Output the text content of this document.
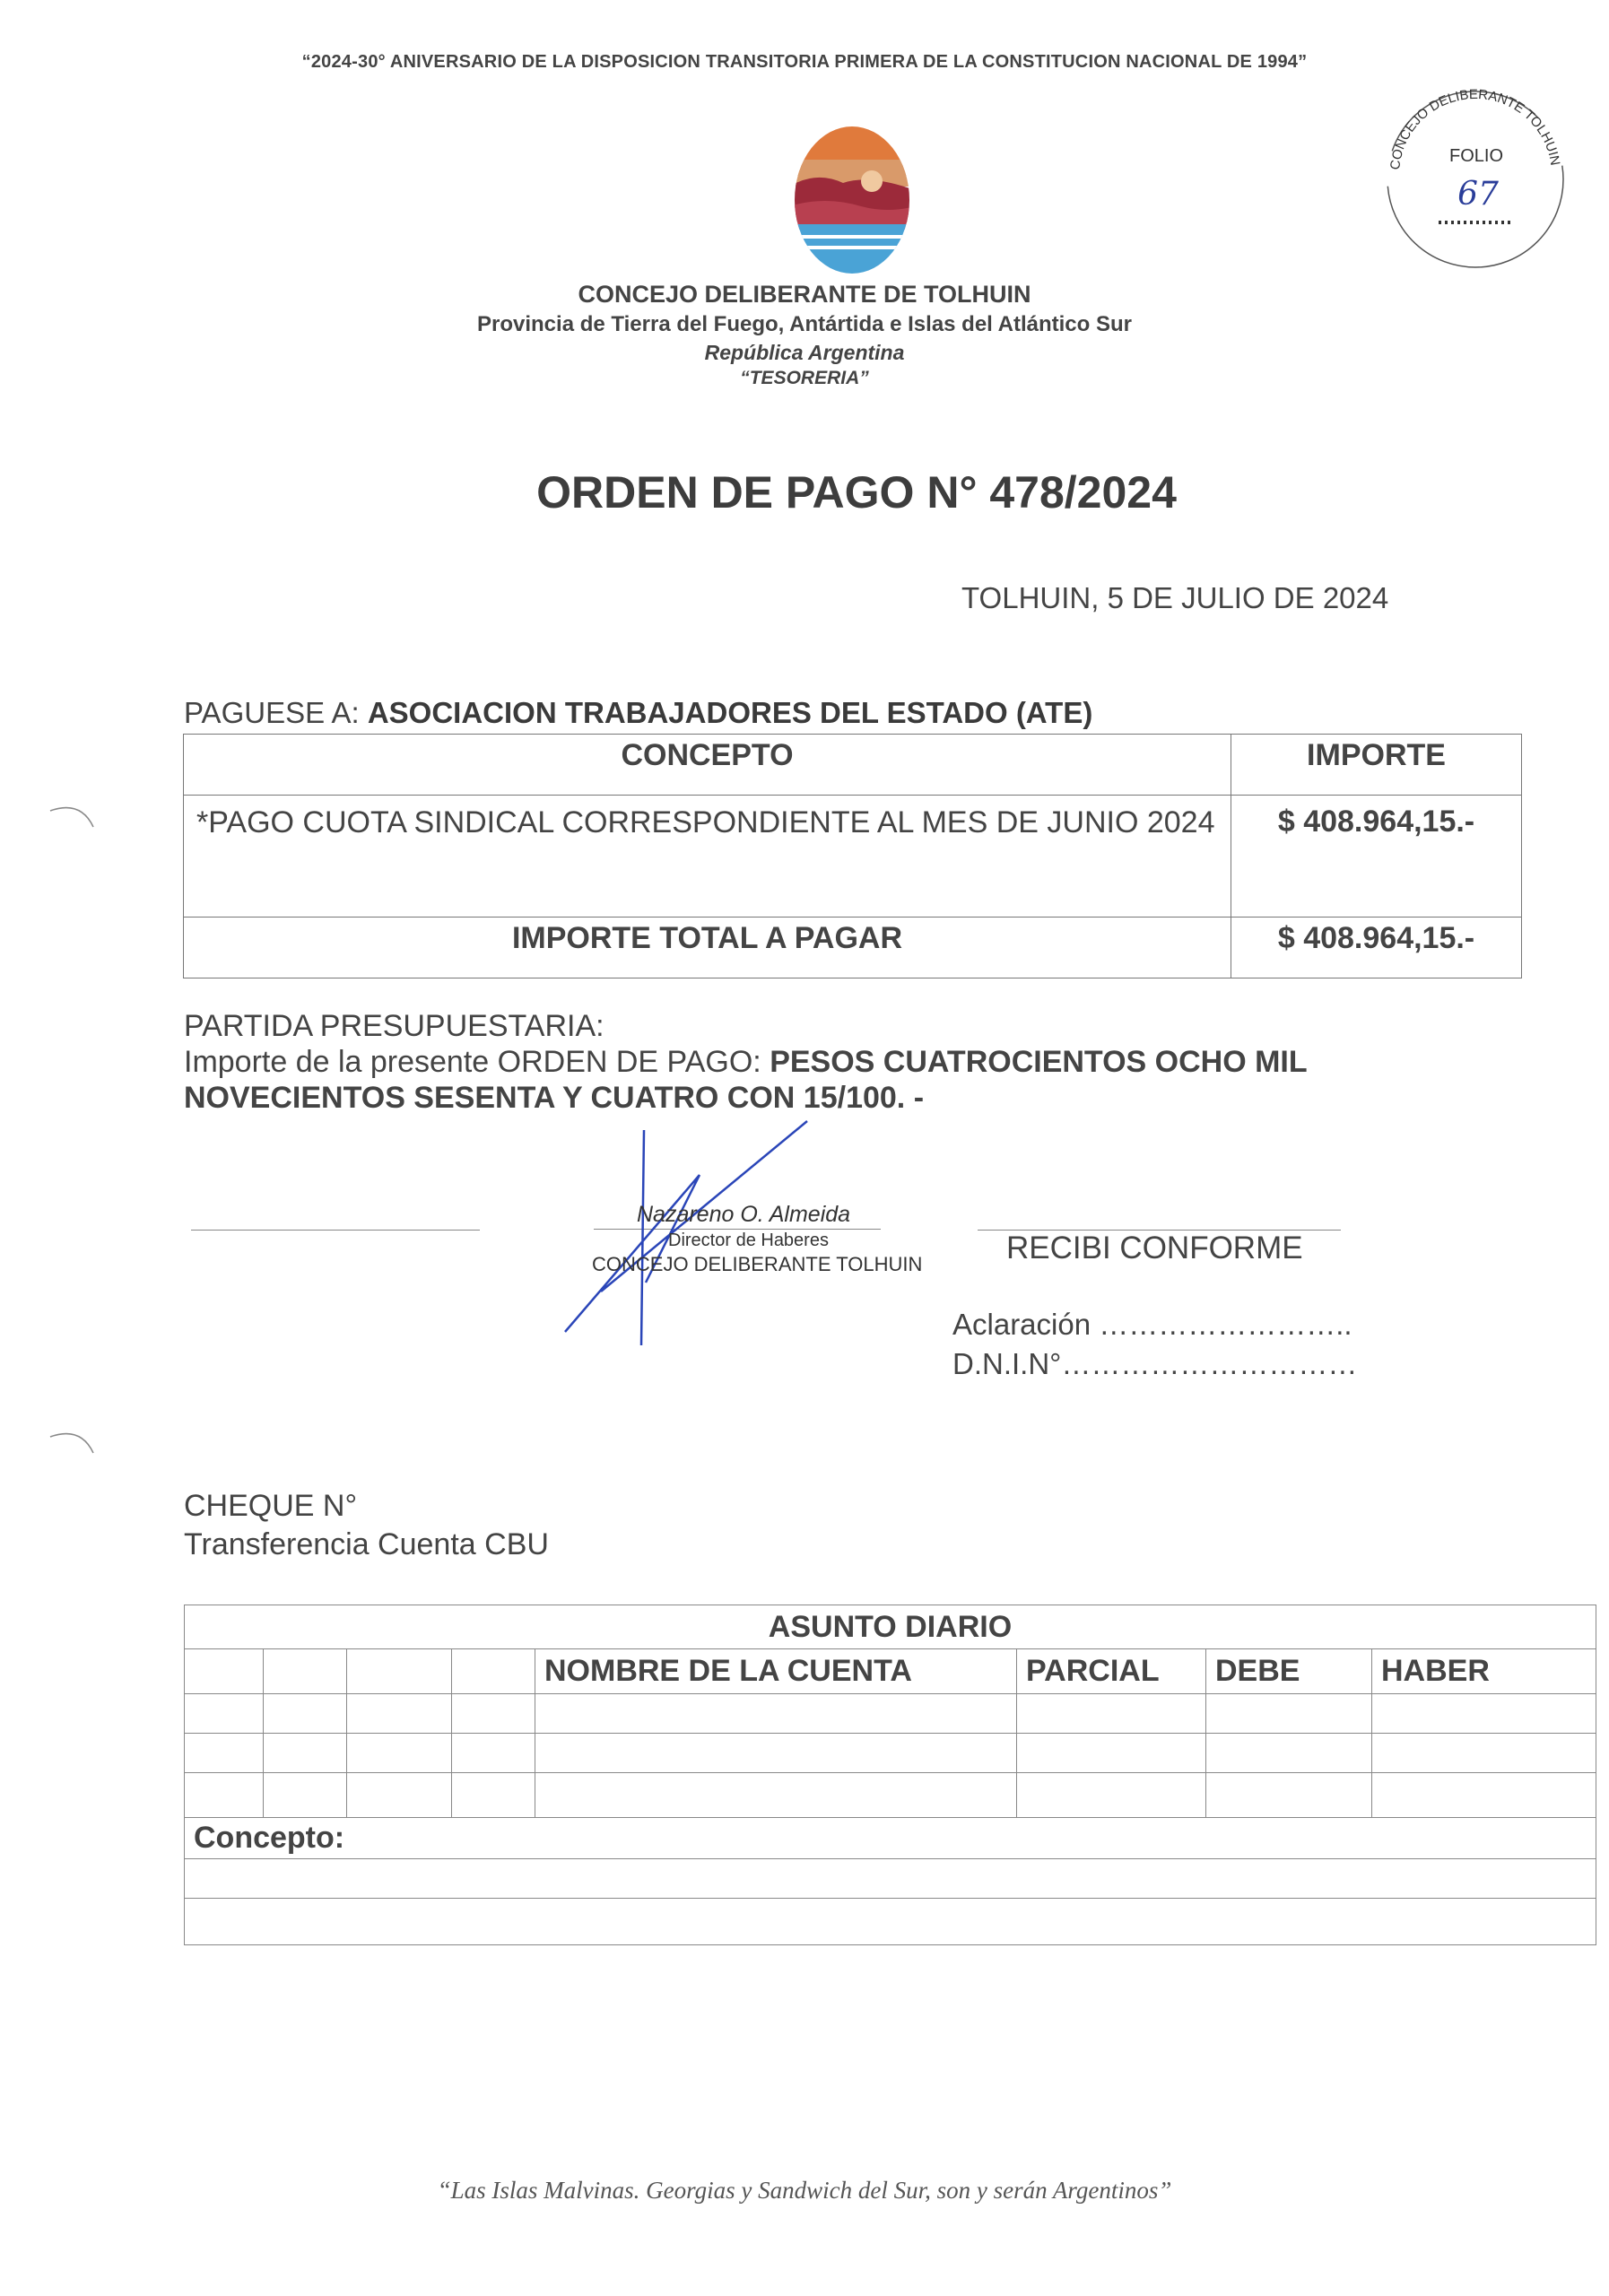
“2024-30° ANIVERSARIO DE LA DISPOSICION TRANSITORIA PRIMERA DE LA CONSTITUCION NACIONAL DE 1994”
CONCEJO DELIBERANTE TOLHUIN
FOLIO
67
CONCEJO DELIBERANTE DE TOLHUIN
Provincia de Tierra del Fuego, Antártida e Islas del Atlántico Sur
República Argentina
“TESORERIA”
ORDEN DE PAGO N° 478/2024
TOLHUIN, 5 DE JULIO DE 2024
PAGUESE A: ASOCIACION TRABAJADORES DEL ESTADO (ATE)
CONCEPTO	IMPORTE
*PAGO CUOTA SINDICAL CORRESPONDIENTE AL MES DE JUNIO 2024	$ 408.964,15.-
IMPORTE TOTAL A PAGAR	$ 408.964,15.-
PARTIDA PRESUPUESTARIA:
Importe de la presente ORDEN DE PAGO: PESOS CUATROCIENTOS OCHO MIL NOVECIENTOS SESENTA Y CUATRO CON 15/100. -
Nazareno O. Almeida
Director de Haberes
CONCEJO DELIBERANTE TOLHUIN	RECIBI CONFORME
Aclaración ……………………..
D.N.I.N°…………………………
CHEQUE N°
Transferencia Cuenta CBU
ASUNTO DIARIO							
				NOMBRE DE LA CUENTA	PARCIAL	DEBE	HABER

Concepto:							

“Las Islas Malvinas. Georgias y Sandwich del Sur, son y serán Argentinos”
